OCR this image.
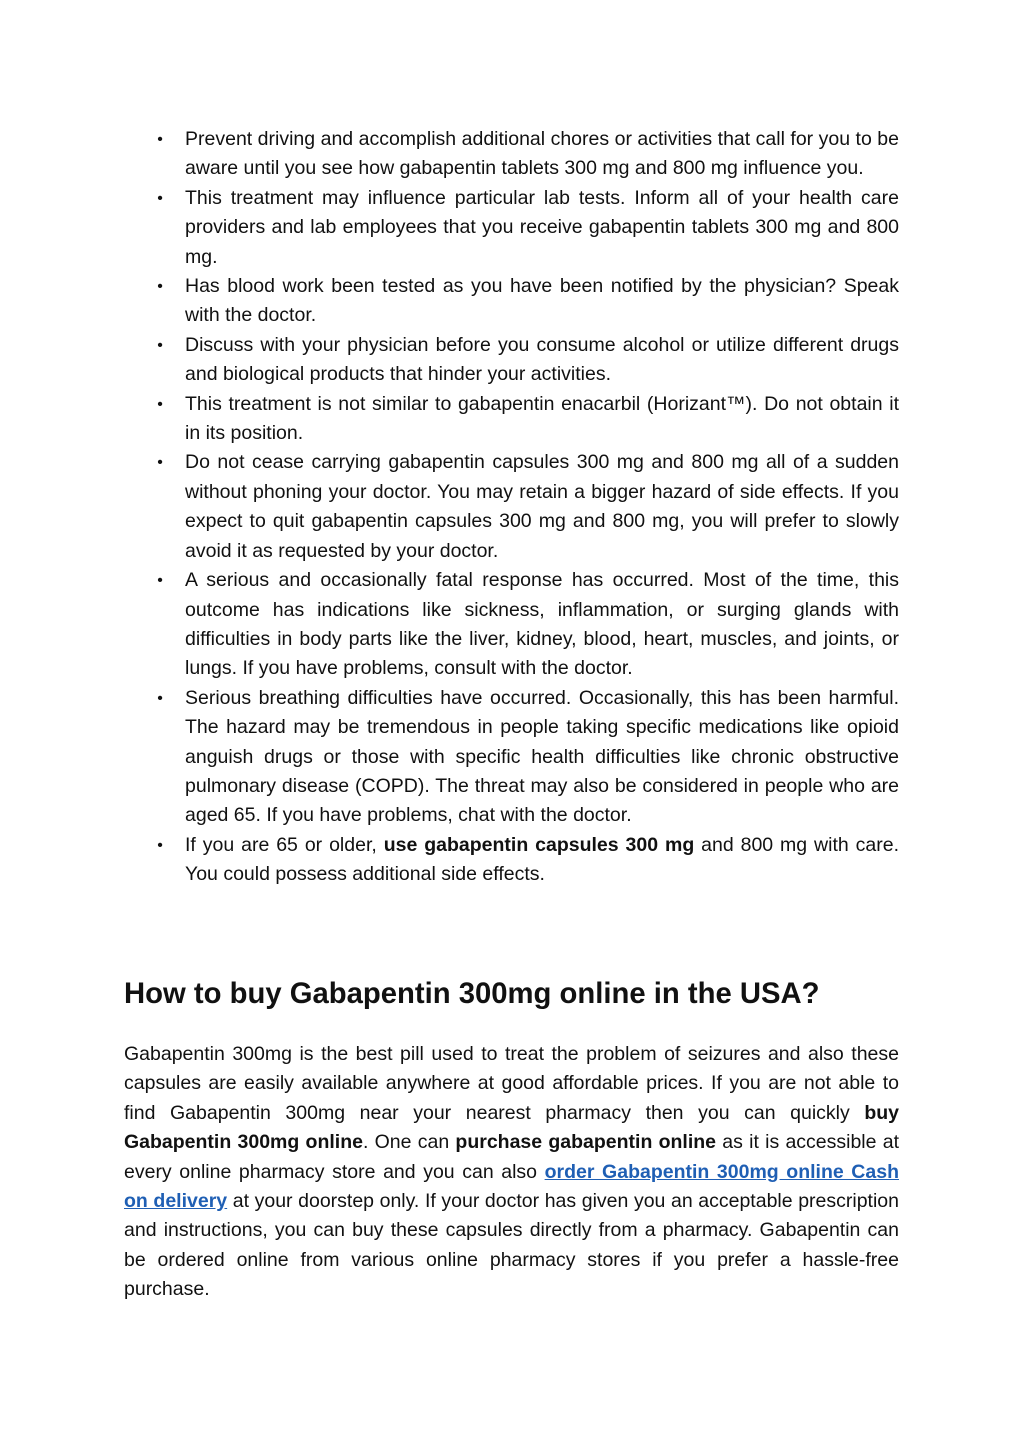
• Prevent driving and accomplish additional chores or activities that call for you to be aware until you see how gabapentin tablets 300 mg and 800 mg influence you.
• This treatment may influence particular lab tests. Inform all of your health care providers and lab employees that you receive gabapentin tablets 300 mg and 800 mg.
• Has blood work been tested as you have been notified by the physician? Speak with the doctor.
• Discuss with your physician before you consume alcohol or utilize different drugs and biological products that hinder your activities.
• This treatment is not similar to gabapentin enacarbil (Horizant™). Do not obtain it in its position.
• Do not cease carrying gabapentin capsules 300 mg and 800 mg all of a sudden without phoning your doctor. You may retain a bigger hazard of side effects. If you expect to quit gabapentin capsules 300 mg and 800 mg, you will prefer to slowly avoid it as requested by your doctor.
• A serious and occasionally fatal response has occurred. Most of the time, this outcome has indications like sickness, inflammation, or surging glands with difficulties in body parts like the liver, kidney, blood, heart, muscles, and joints, or lungs. If you have problems, consult with the doctor.
• Serious breathing difficulties have occurred. Occasionally, this has been harmful. The hazard may be tremendous in people taking specific medications like opioid anguish drugs or those with specific health difficulties like chronic obstructive pulmonary disease (COPD). The threat may also be considered in people who are aged 65. If you have problems, chat with the doctor.
• If you are 65 or older, use gabapentin capsules 300 mg and 800 mg with care. You could possess additional side effects.
How to buy Gabapentin 300mg online in the USA?

Gabapentin 300mg is the best pill used to treat the problem of seizures and also these capsules are easily available anywhere at good affordable prices. If you are not able to find Gabapentin 300mg near your nearest pharmacy then you can quickly buy Gabapentin 300mg online. One can purchase gabapentin online as it is accessible at every online pharmacy store and you can also order Gabapentin 300mg online Cash on delivery at your doorstep only. If your doctor has given you an acceptable prescription and instructions, you can buy these capsules directly from a pharmacy. Gabapentin can be ordered online from various online pharmacy stores if you prefer a hassle-free purchase.
